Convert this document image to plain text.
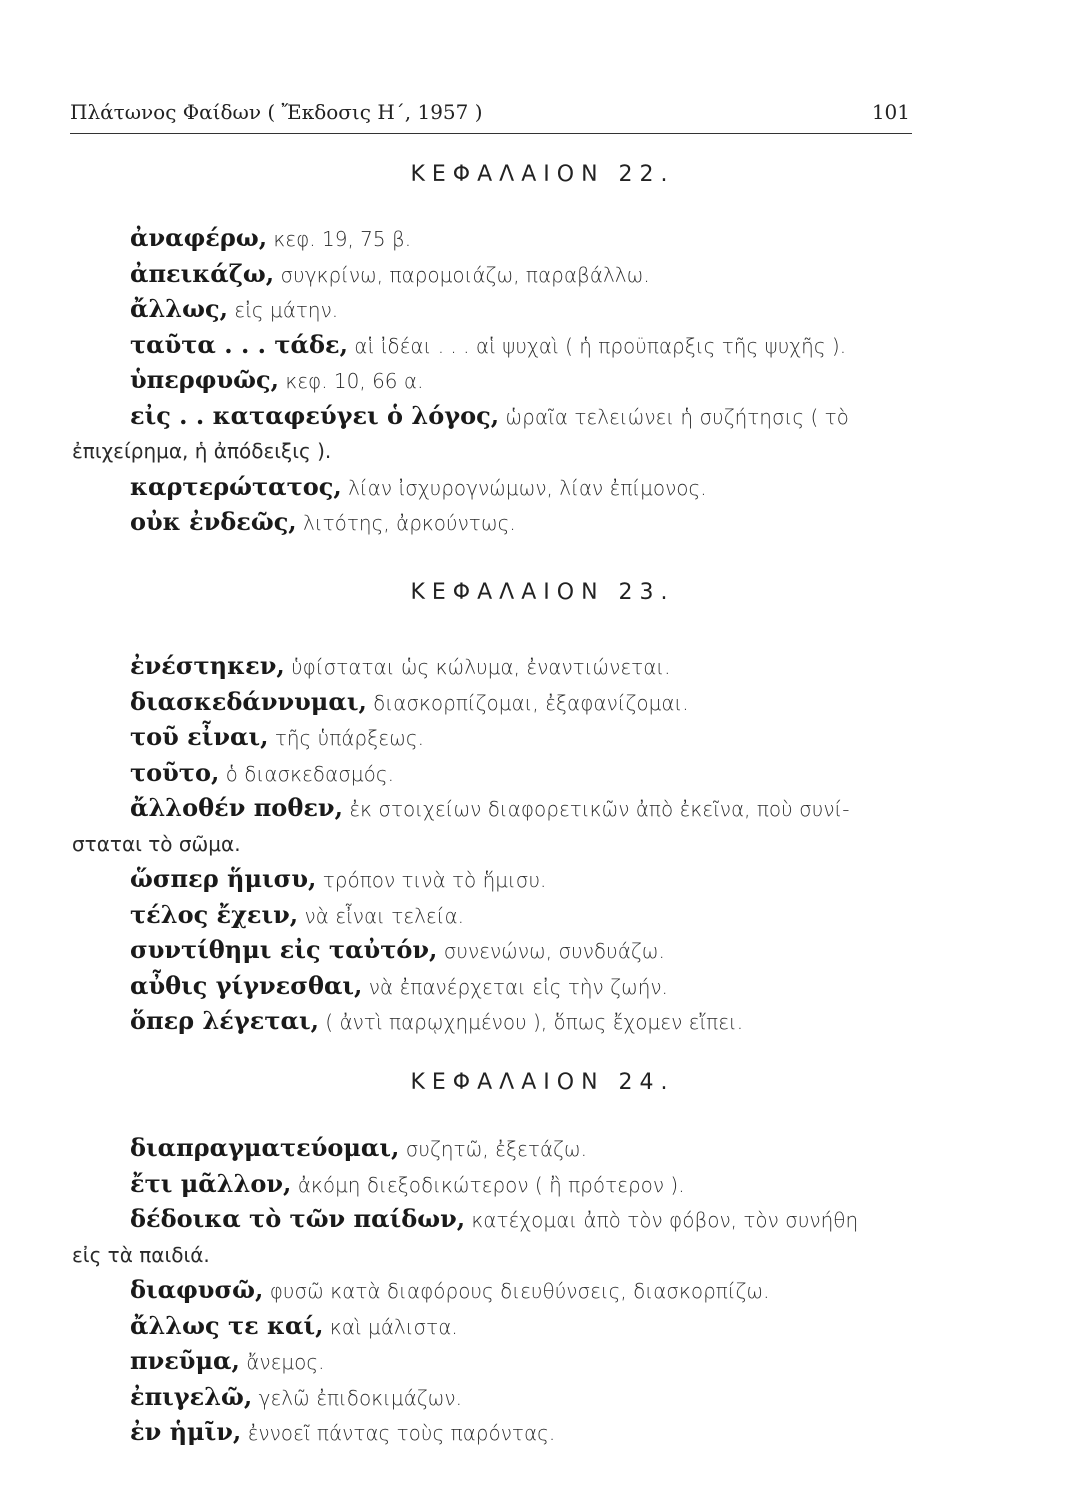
Πλάτωνος Φαίδων ( Ἔκδοσις Η΄, 1957 )	101
ΚΕΦΑΛΑΙΟΝ 22.
ἀναφέρω, κεφ. 19, 75 β.
ἀπεικάζω, συγκρίνω, παρομοιάζω, παραβάλλω.
ἄλλως, εἰς μάτην.
ταῦτα . . . τάδε, αἱ ἰδέαι . . . αἱ ψυχαὶ ( ἡ προϋπαρξις τῆς ψυχῆς ).
ὑπερφυῶς, κεφ. 10, 66 α.
εἰς . . καταφεύγει ὁ λόγος, ὡραῖα τελειώνει ἡ συζήτησις ( τὸ
ἐπιχείρημα, ἡ ἀπόδειξις ).
καρτερώτατος, λίαν ἰσχυρογνώμων, λίαν ἐπίμονος.
οὐκ ἐνδεῶς, λιτότης, ἀρκούντως.
ΚΕΦΑΛΑΙΟΝ 23.
ἐνέστηκεν, ὑφίσταται ὡς κώλυμα, ἐναντιώνεται.
διασκεδάννυμαι, διασκορπίζομαι, ἐξαφανίζομαι.
τοῦ εἶναι, τῆς ὑπάρξεως.
τοῦτο, ὁ διασκεδασμός.
ἄλλοθέν ποθεν, ἐκ στοιχείων διαφορετικῶν ἀπὸ ἐκεῖνα, ποὺ συνί-
σταται τὸ σῶμα.
ὥσπερ ἥμισυ, τρόπον τινὰ τὸ ἥμισυ.
τέλος ἔχειν, νὰ εἶναι τελεία.
συντίθημι εἰς ταὐτόν, συνενώνω, συνδυάζω.
αὖθις γίγνεσθαι, νὰ ἐπανέρχεται εἰς τὴν ζωήν.
ὅπερ λέγεται, ( ἀντὶ παρῳχημένου ), ὅπως ἔχομεν εἴπει.
ΚΕΦΑΛΑΙΟΝ 24.
διαπραγματεύομαι, συζητῶ, ἐξετάζω.
ἔτι μᾶλλον, ἀκόμη διεξοδικώτερον ( ἢ πρότερον ).
δέδοικα τὸ τῶν παίδων, κατέχομαι ἀπὸ τὸν φόβον, τὸν συνήθη
εἰς τὰ παιδιά.
διαφυσῶ, φυσῶ κατὰ διαφόρους διευθύνσεις, διασκορπίζω.
ἄλλως τε καί, καὶ μάλιστα.
πνεῦμα, ἄνεμος.
ἐπιγελῶ, γελῶ ἐπιδοκιμάζων.
ἐν ἡμῖν, ἐννοεῖ πάντας τοὺς παρόντας.
